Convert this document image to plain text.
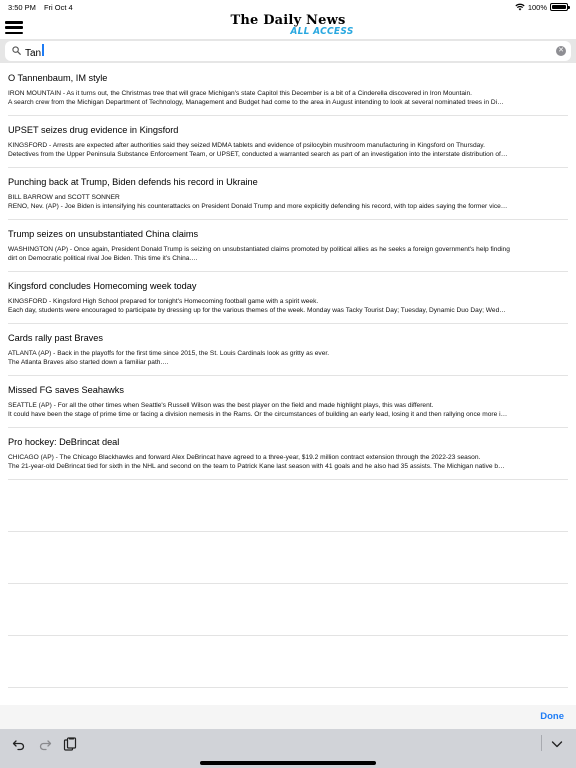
3:50 PM Fri Oct 4	100%
The Daily News
ALL ACCESS
Tan	✕
O Tannenbaum, IM style
IRON MOUNTAIN - As it turns out, the Christmas tree that will grace Michigan's state Capitol this December is a bit of a Cinderella discovered in Iron Mountain.
A search crew from the Michigan Department of Technology, Management and Budget had come to the area in August intending to look at several nominated trees in Di…
UPSET seizes drug evidence in Kingsford
KINGSFORD - Arrests are expected after authorities said they seized MDMA tablets and evidence of psilocybin mushroom manufacturing in Kingsford on Thursday.
Detectives from the Upper Peninsula Substance Enforcement Team, or UPSET, conducted a warranted search as part of an investigation into the interstate distribution of…
Punching back at Trump, Biden defends his record in Ukraine
BILL BARROW and SCOTT SONNER
RENO, Nev. (AP) - Joe Biden is intensifying his counterattacks on President Donald Trump and more explicitly defending his record, with top aides saying the former vice…
Trump seizes on unsubstantiated China claims
WASHINGTON (AP) - Once again, President Donald Trump is seizing on unsubstantiated claims promoted by political allies as he seeks a foreign government's help finding
dirt on Democratic political rival Joe Biden. This time it's China.…
Kingsford concludes Homecoming week today
KINGSFORD - Kingsford High School prepared for tonight's Homecoming football game with a spirit week.
Each day, students were encouraged to participate by dressing up for the various themes of the week. Monday was Tacky Tourist Day; Tuesday, Dynamic Duo Day; Wed…
Cards rally past Braves
ATLANTA (AP) - Back in the playoffs for the first time since 2015, the St. Louis Cardinals look as gritty as ever.
The Atlanta Braves also started down a familiar path.…
Missed FG saves Seahawks
SEATTLE (AP) - For all the other times when Seattle's Russell Wilson was the best player on the field and made highlight plays, this was different.
It could have been the stage of prime time or facing a division nemesis in the Rams. Or the circumstances of building an early lead, losing it and then rallying once more i…
Pro hockey: DeBrincat deal
CHICAGO (AP) - The Chicago Blackhawks and forward Alex DeBrincat have agreed to a three-year, $19.2 million contract extension through the 2022-23 season.
The 21-year-old DeBrincat tied for sixth in the NHL and second on the team to Patrick Kane last season with 41 goals and he also had 35 assists. The Michigan native b…
Done
